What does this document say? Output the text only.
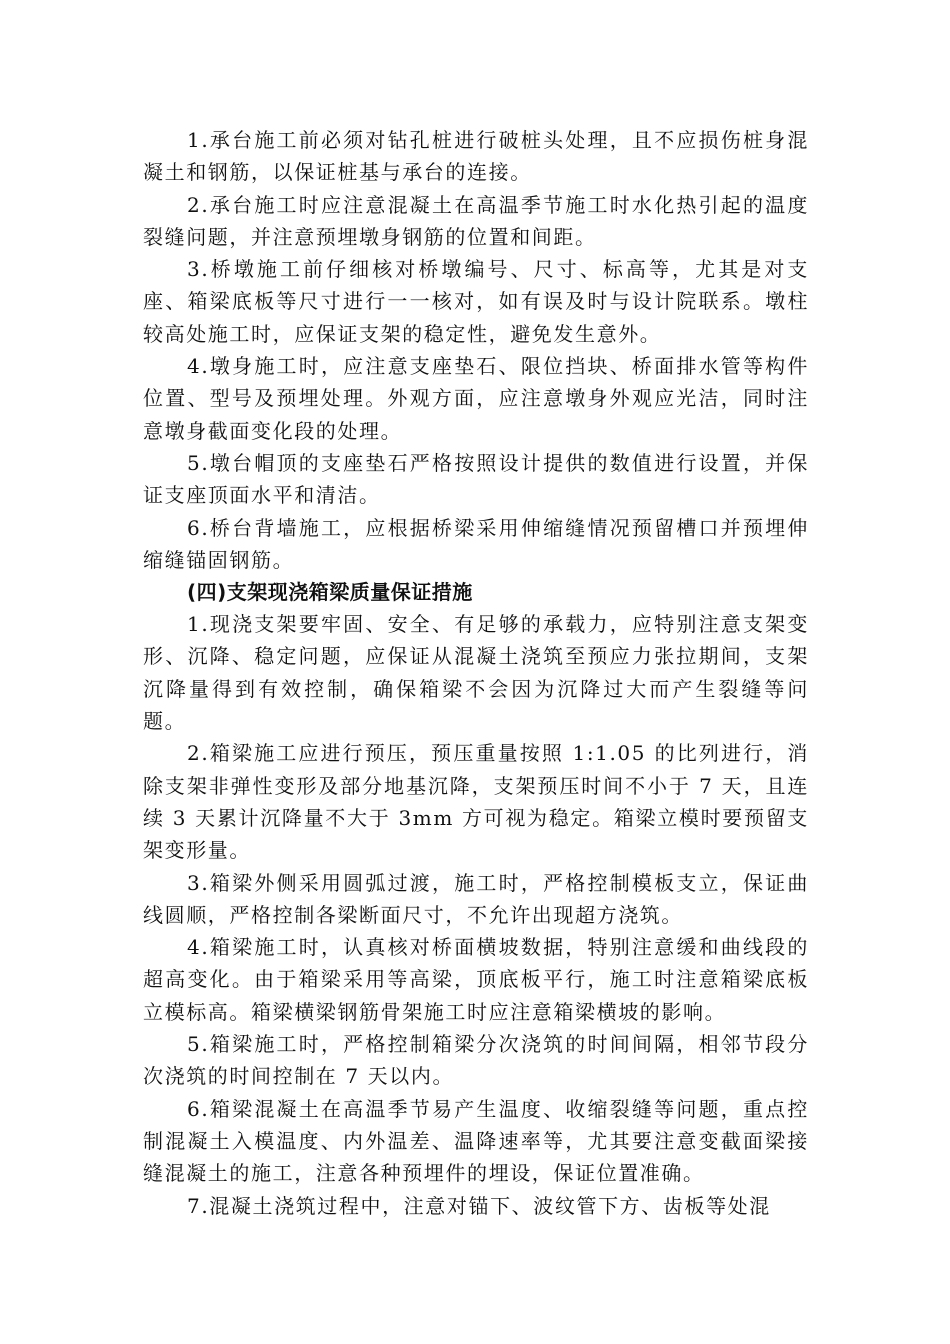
1.承台施工前必须对钻孔桩进行破桩头处理，且不应损伤桩身混凝土和钢筋，以保证桩基与承台的连接。

2.承台施工时应注意混凝土在高温季节施工时水化热引起的温度裂缝问题，并注意预埋墩身钢筋的位置和间距。

3.桥墩施工前仔细核对桥墩编号、尺寸、标高等，尤其是对支座、箱梁底板等尺寸进行一一核对，如有误及时与设计院联系。墩柱较高处施工时，应保证支架的稳定性，避免发生意外。

4.墩身施工时，应注意支座垫石、限位挡块、桥面排水管等构件位置、型号及预埋处理。外观方面，应注意墩身外观应光洁，同时注意墩身截面变化段的处理。

5.墩台帽顶的支座垫石严格按照设计提供的数值进行设置，并保证支座顶面水平和清洁。

6.桥台背墙施工，应根据桥梁采用伸缩缝情况预留槽口并预埋伸缩缝锚固钢筋。

(四)支架现浇箱梁质量保证措施

1.现浇支架要牢固、安全、有足够的承载力，应特别注意支架变形、沉降、稳定问题，应保证从混凝土浇筑至预应力张拉期间，支架沉降量得到有效控制，确保箱梁不会因为沉降过大而产生裂缝等问题。

2.箱梁施工应进行预压，预压重量按照 1:1.05 的比列进行，消除支架非弹性变形及部分地基沉降，支架预压时间不小于 7 天，且连续 3 天累计沉降量不大于 3mm 方可视为稳定。箱梁立模时要预留支架变形量。

3.箱梁外侧采用圆弧过渡，施工时，严格控制模板支立，保证曲线圆顺，严格控制各梁断面尺寸，不允许出现超方浇筑。

4.箱梁施工时，认真核对桥面横坡数据，特别注意缓和曲线段的超高变化。由于箱梁采用等高梁，顶底板平行，施工时注意箱梁底板立模标高。箱梁横梁钢筋骨架施工时应注意箱梁横坡的影响。

5.箱梁施工时，严格控制箱梁分次浇筑的时间间隔，相邻节段分次浇筑的时间控制在 7 天以内。

6.箱梁混凝土在高温季节易产生温度、收缩裂缝等问题，重点控制混凝土入模温度、内外温差、温降速率等，尤其要注意变截面梁接缝混凝土的施工，注意各种预埋件的埋设，保证位置准确。

7.混凝土浇筑过程中，注意对锚下、波纹管下方、齿板等处混
